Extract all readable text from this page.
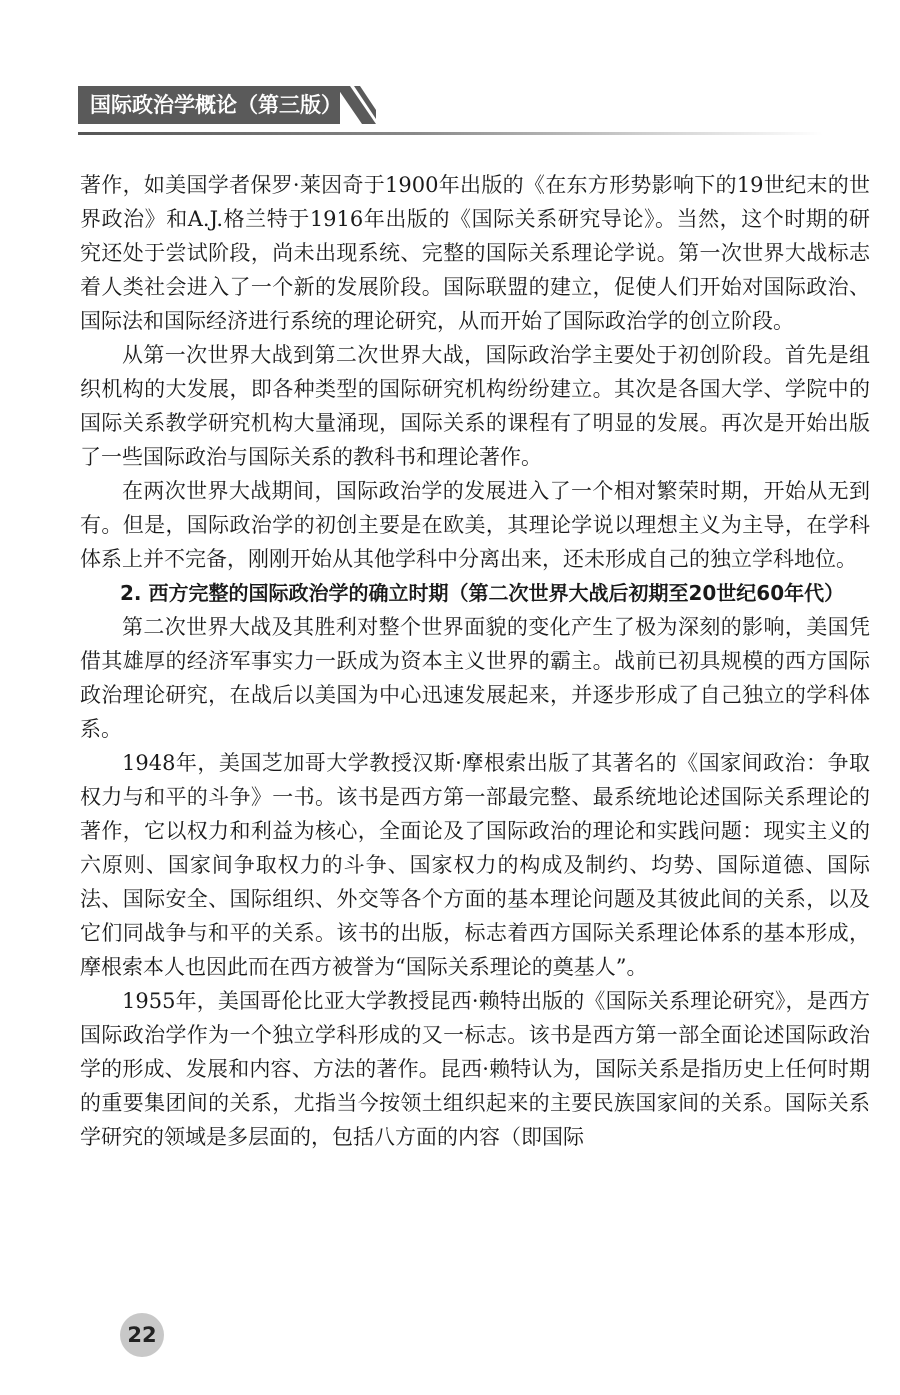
国际政治学概论（第三版）

著作，如美国学者保罗·莱因奇于1900年出版的《在东方形势影响下的19世纪末的世界政治》和A.J.格兰特于1916年出版的《国际关系研究导论》。当然，这个时期的研究还处于尝试阶段，尚未出现系统、完整的国际关系理论学说。第一次世界大战标志着人类社会进入了一个新的发展阶段。国际联盟的建立，促使人们开始对国际政治、国际法和国际经济进行系统的理论研究，从而开始了国际政治学的创立阶段。

从第一次世界大战到第二次世界大战，国际政治学主要处于初创阶段。首先是组织机构的大发展，即各种类型的国际研究机构纷纷建立。其次是各国大学、学院中的国际关系教学研究机构大量涌现，国际关系的课程有了明显的发展。再次是开始出版了一些国际政治与国际关系的教科书和理论著作。

在两次世界大战期间，国际政治学的发展进入了一个相对繁荣时期，开始从无到有。但是，国际政治学的初创主要是在欧美，其理论学说以理想主义为主导，在学科体系上并不完备，刚刚开始从其他学科中分离出来，还未形成自己的独立学科地位。

2. 西方完整的国际政治学的确立时期（第二次世界大战后初期至20世纪60年代）

第二次世界大战及其胜利对整个世界面貌的变化产生了极为深刻的影响，美国凭借其雄厚的经济军事实力一跃成为资本主义世界的霸主。战前已初具规模的西方国际政治理论研究，在战后以美国为中心迅速发展起来，并逐步形成了自己独立的学科体系。

1948年，美国芝加哥大学教授汉斯·摩根索出版了其著名的《国家间政治：争取权力与和平的斗争》一书。该书是西方第一部最完整、最系统地论述国际关系理论的著作，它以权力和利益为核心，全面论及了国际政治的理论和实践问题：现实主义的六原则、国家间争取权力的斗争、国家权力的构成及制约、均势、国际道德、国际法、国际安全、国际组织、外交等各个方面的基本理论问题及其彼此间的关系，以及它们同战争与和平的关系。该书的出版，标志着西方国际关系理论体系的基本形成，摩根索本人也因此而在西方被誉为“国际关系理论的奠基人”。

1955年，美国哥伦比亚大学教授昆西·赖特出版的《国际关系理论研究》，是西方国际政治学作为一个独立学科形成的又一标志。该书是西方第一部全面论述国际政治学的形成、发展和内容、方法的著作。昆西·赖特认为，国际关系是指历史上任何时期的重要集团间的关系，尤指当今按领土组织起来的主要民族国家间的关系。国际关系学研究的领域是多层面的，包括八方面的内容（即国际

22
